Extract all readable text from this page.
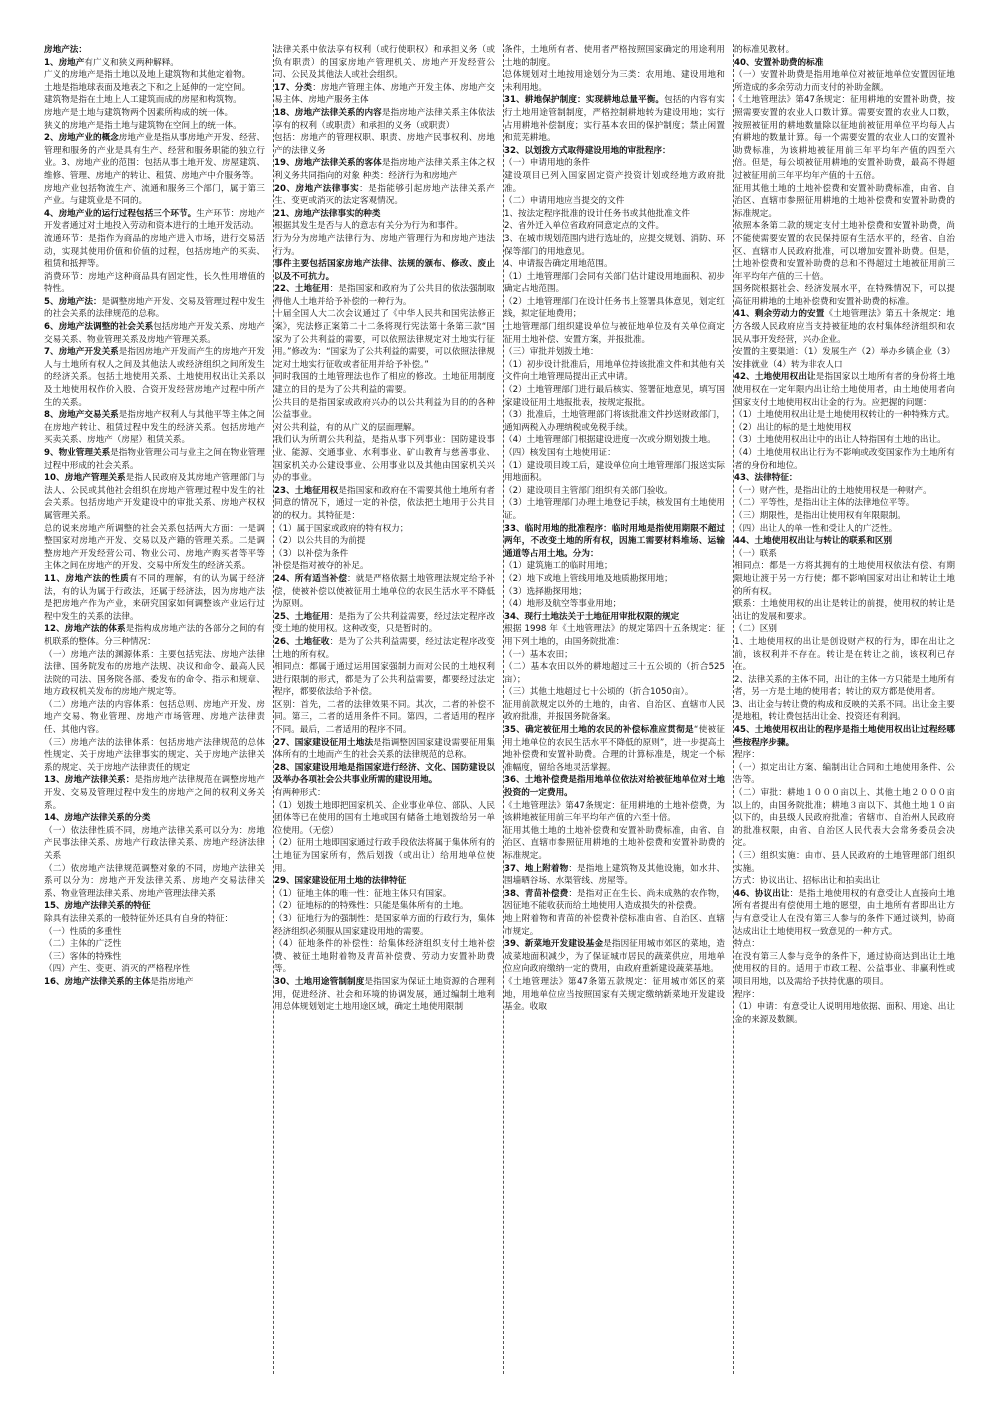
房地产法：

1、房地产有广义和狭义两种解释。

广义的房地产是指土地以及地上建筑物和其他定着物。

土地是指地球表面及地表之下和之上延伸的一定空间。

建筑物是指在土地上人工建筑而成的房屋和构筑物。

房地产是土地与建筑物两个因素所构成的统一体。

狭义的房地产是指土地与建筑物在空间上的统一体。

2、房地产业的概念房地产业是指从事房地产开发、经营、管理和服务的产业是具有生产、经营和服务职能的独立行业。3、房地产业的范围：包括从事土地开发、房屋建筑、维修、管理、房地产的转让、租赁、房地产中介服务等。

房地产业包括物流生产、流通和服务三个部门，属于第三产业。与建筑业是不同的。

4、房地产业的运行过程包括三个环节。生产环节：房地产开发者通过对土地投入劳动和资本进行的土地开发活动。

流通环节：是指作为商品的房地产进入市场，进行交易活动，实现其使用价值和价值的过程，包括房地产的买卖、租赁和抵押等。

消费环节：房地产这种商品具有固定性，长久性用增值的特性。

5、房地产法：是调整房地产开发、交易及管理过程中发生的社会关系的法律规范的总称。

6、房地产法调整的社会关系包括房地产开发关系、房地产交易关系、物业管理关系及房地产管理关系。

7、房地产开发关系是指因房地产开发而产生的房地产开发人与土地所有权人之间及其他法人或经济组织之间所发生的经济关系。包括土地使用关系、土地使用权出让关系以及土地使用权作价入股、合资开发经营房地产过程中所产生的关系。

8、房地产交易关系是指房地产权利人与其他平等主体之间在房地产转让、租赁过程中发生的经济关系。包括房地产买卖关系、房地产（房屋）租赁关系。

9、物业管理关系是指物业管理公司与业主之间在物业管理过程中形成的社会关系。

10、房地产管理关系是指人民政府及其房地产管理部门与法人、公民或其他社会组织在房地产管理过程中发生的社会关系。包括房地产开发建设中的审批关系、房地产权权属管理关系。

总的说来房地产所调整的社会关系包括两大方面：一是调整国家对房地产开发、交易以及产籍的管理关系。二是调整房地产开发经营公司、物业公司、房地产购买者等平等主体之间在房地产的开发、交易中所发生的经济关系。

11、房地产法的性质有不同的理解，有的认为属于经济法，有的认为属于行政法，还属于经济法，因为房地产法是把房地产作为产业，来研究国家如何调整该产业运行过程中发生的关系的法律。

12、房地产法的体系是指构成房地产法的各部分之间的有机联系的整体。分三种情况：

（一）房地产法的渊源体系：主要包括宪法、房地产法律法律、国务院发布的房地产法规、决议和命令、最高人民法院的司法、国务院各部、委发布的命令、指示和规章、地方政权机关发布的房地产规定等。

（二）房地产法的内容体系：包括总则、房地产开发、房地产交易、物业管理、房地产市场管理、房地产法律责任、其他内容。

（三）房地产法的法律体系：包括房地产法律规范的总体性规定、关于房地产法律事实的规定、关于房地产法律关系的规定、关于房地产法律责任的规定

13、房地产法律关系：是指房地产法律规范在调整房地产开发、交易及管理过程中发生的房地产之间的权利义务关系。

14、房地产法律关系的分类

（一）依法律性质不同，房地产法律关系可以分为：房地产民事法律关系、房地产行政法律关系、房地产经济法律关系

（二）依房地产法律规范调整对象的不同，房地产法律关系可以分为：房地产开发法律关系、房地产交易法律关系、物业管理法律关系、房地产管理法律关系

15、房地产法律关系的特征

除具有法律关系的一般特征外还具有自身的特征：

（一）性质的多重性

（二）主体的广泛性

（三）客体的特殊性

（四）产生、变更、消灭的严格程序性

16、房地产法律关系的主体是指房地产

法律关系中依法享有权利（或行使职权）和承担义务（或负有职责）的国家房地产管理机关、房地产开发经营公司、公民及其他法人或社会组织。

17、分类：房地产管理主体、房地产开发主体、房地产交易主体、房地产服务主体

18、房地产法律关系的内容是指房地产法律关系主体依法享有的权利（或职责）和承担的义务（或职责）

包括：房地产的管理权职、职责、房地产民事权利、房地产的法律义务

19、房地产法律关系的客体是指房地产法律关系主体之权利义务共同指向的对象 种类：经济行为和房地产

20、房地产法律事实：是指能够引起房地产法律关系产生、变更或消灭的法定客观情况。

21、房地产法律事实的种类

根据其发生是否与人的意志有关分为行为和事件。

行为分为房地产法律行为、房地产管理行为和房地产违法行为。

事件主要包括国家房地产法律、法规的颁布、修改、废止以及不可抗力。

22、土地征用：是指国家和政府为了公共目的依法强制取得他人土地并给予补偿的一种行为。

十届全国人大二次会议通过了《中华人民共和国宪法修正案》，宪法修正案第二十二条将现行宪法第十条第三款“国家为了公共利益的需要，可以依照法律规定对土地实行征用。”修改为：“国家为了公共利益的需要，可以依照法律规定对土地实行征收或者征用并给予补偿。”

同时我国的土地管理法也作了相应的修改。土地征用制度建立的目的是为了公共利益的需要。

公共目的是指国家或政府兴办的以公共利益为目的的各种公益事业。

对公共利益，有的从广义的层面理解。

我们认为所谓公共利益，是指从事下列事业：国防建设事业、能源、交通事业、水利事业、矿山教育与慈善事业、国家机关办公建设事业、公用事业以及其他由国家机关兴办的事业。

23、土地征用权是指国家和政府在不需要其他土地所有者同意的情况下，通过一定的补偿，依法把土地用于公共目的的权力。其特征是：

（1）属于国家或政府的特有权力；

（2）以公共目的为前提

（3）以补偿为条件

补偿是指对被夺的补足。

24、所有适当补偿：就是严格依据土地管理法规定给予补偿，使被补偿以使被征用土地单位的农民生活水平不降低为原则。

25、土地征用：是指为了公共利益需要，经过法定程序改变土地的使用权。这种改变，只是暂时的。

26、土地征收：是为了公共利益需要，经过法定程序改变土地的所有权。

相同点：都属于通过运用国家强制力而对公民的土地权利进行限制的形式，都是为了公共利益需要，都要经过法定程序，都要依法给予补偿。

区别：首先，二者的法律效果不同。其次，二者的补偿不同。第三，二者的适用条件不同。第四，二者适用的程序不同。最后，二者适用的程序不同。

27、国家建设征用土地法是指调整因国家建设需要征用集体所有的土地而产生的社会关系的法律规范的总称。

28、国家建设用地是指国家进行经济、文化、国防建设以及举办各项社会公共事业所需的建设用地。

有两种形式：

（1）划拨土地即把国家机关、企业事业单位、部队、人民团体等已在使用的国有土地或国有储备土地划拨给另一单位使用。（无偿）

（2）征用土地即国家通过行政手段依法将属于集体所有的土地征为国家所有，然后划拨（或出让）给用地单位使用。

29、国家建设征用土地的法律特征

（1）征地主体的唯一性：征地主体只有国家。

（2）征地标的的特殊性：只能是集体所有的土地。

（3）征地行为的强制性：是国家单方面的行政行为，集体经济组织必须服从国家建设用地的需要。

（4）征地条件的补偿性：给集体经济组织支付土地补偿费、被征土地附着物及青苗补偿费、劳动力安置补助费等。

30、土地用途管制制度是指国家为保证土地资源的合理利用，促进经济、社会和环境的协调发展，通过编制土地利用总体规划划定土地用途区域，确定土地使用限制

条件，土地所有者、使用者严格按照国家确定的用途利用土地的制度。

总体规划对土地按用途划分为三类：农用地、建设用地和未利用地。

31、耕地保护制度：实现耕地总量平衡。包括的内容有实行土地用途管制制度，严格控制耕地转为建设用地；实行占用耕地补偿制度；实行基本农田的保护制度；禁止闲置和荒芜耕地。

32、以划拨方式取得建设用地的审批程序：

（一）申请用地的条件

建设项目已列入国家固定资产投资计划或经地方政府批准。

（二）申请用地应当提交的文件

1、按法定程序批准的设计任务书或其他批准文件

2、省外迁入单位省政府同意定点的文件。

3、在城市规划范围内进行选址的，应提交规划、消防、环保等部门的用地意见。

4、申请报告确定用地范围。

（1）土地管理部门会同有关部门估计建设用地面积、初步确定占地范围。

（2）土地管理部门在设计任务书上签署具体意见，划定红线，拟定征地费用；

土地管理部门组织建设单位与被征地单位及有关单位商定征用土地补偿、安置方案，并报批准。

（三）审批并划拨土地：

（1）初步设计批准后，用地单位持该批准文件和其他有关文件向土地管理局提出正式申请。

（2）土地管理部门进行最后核实、签署征地意见，填写国家建设征用土地报批表，按规定报批。

（3）批准后，土地管理部门将该批准文件抄送财政部门，通知两税入办理纳税或免税手续。

（4）土地管理部门根据建设进度一次或分期划拨土地。

（四）核发国有土地使用证：

（1）建设项目竣工后，建设单位向土地管理部门报送实际用地面积。

（2）建设项目主管部门组织有关部门验收。

（3）土地管理部门办理土地登记手续，核发国有土地使用证。

33、临时用地的批准程序：临时用地是指使用期限不超过两年，不改变土地的所有权，因施工需要材料堆场、运输通道等占用土地。分为：

（1）建筑施工的临时用地；

（2）地下或地上管线用地及地质勘探用地；

（3）选择勘探用地；

（4）地形及航空等事业用地；

34、现行土地法关于土地征用审批权限的规定

根据 1998 年《土地管理法》的规定第四十五条规定：征用下列土地的，由国务院批准：

（一）基本农田；

（二）基本农田以外的耕地超过三十五公顷的（折合525亩）；

（三）其他土地超过七十公顷的（折合1050亩）。

征用前款规定以外的土地的，由省、自治区、直辖市人民政府批准，并报国务院备案。

35、确定被征用土地的农民的补偿标准应贯彻是“使被征用土地单位的农民生活水平不降低的原则”，进一步提高土地补偿费和安置补助费。合理的计算标准是，规定一个标准幅度，留给各地灵活掌握。

36、土地补偿费是指用地单位依法对给被征地单位对土地投资的一定费用。

《土地管理法》第47条规定：征用耕地的土地补偿费，为该耕地被征用前三年平均年产值的六至十倍。

征用其他土地的土地补偿费和安置补助费标准，由省、自治区、直辖市参照征用耕地的土地补偿费和安置补助费的标准规定。

37、地上附着物：是指地上建筑物及其他设施，如水井、围墙晒谷场、水渠管线、房屋等。

38、青苗补偿费：是指对正在生长、尚未成熟的农作物，因征地不能收获而给土地使用人造成损失的补偿费。

地上附着物和青苗的补偿费补偿标准由省、自治区、直辖市规定。

39、新菜地开发建设基金是指因征用城市郊区的菜地，造成菜地面积减少，为了保证城市居民的蔬菜供应，用地单位应向政府缴纳一定的费用，由政府重新建设蔬菜基地。

《土地管理法》第47条第五款规定：征用城市郊区的菜地，用地单位应当按照国家有关规定缴纳新菜地开发建设基金。收取

的标准见教材。

40、安置补助费的标准

（一）安置补助费是指用地单位对被征地单位安置因征地所造成的多余劳动力而支付的补助金额。

《土地管理法》第47条规定：征用耕地的安置补助费，按照需要安置的农业人口数计算。需要安置的农业人口数，按照被征用的耕地数量除以征地前被征用单位平均每人占有耕地的数量计算。每一个需要安置的农业人口的安置补助费标准，为该耕地被征用前三年平均年产值的四至六倍。但是，每公顷被征用耕地的安置补助费，最高不得超过被征用前三年平均年产值的十五倍。

征用其他土地的土地补偿费和安置补助费标准，由省、自治区、直辖市参照征用耕地的土地补偿费和安置补助费的标准规定。

依照本条第二款的规定支付土地补偿费和安置补助费，尚不能使需要安置的农民保持原有生活水平的，经省、自治区、直辖市人民政府批准，可以增加安置补助费。但是，土地补偿费和安置补助费的总和不得超过土地被征用前三年平均年产值的三十倍。

国务院根据社会、经济发展水平，在特殊情况下，可以提高征用耕地的土地补偿费和安置补助费的标准。

41、剩余劳动力的安置《土地管理法》第五十条规定：地方各级人民政府应当支持被征地的农村集体经济组织和农民从事开发经营，兴办企业。

安置的主要渠道：（1）发展生产（2）举办乡镇企业（3）安排就业（4）转为非农人口

42、土地使用权出让是指国家以土地所有者的身份将土地使用权在一定年限内出让给土地使用者，由土地使用者向国家支付土地使用权出让金的行为。应把握的问题：

（1）土地使用权出让是土地使用权转让的一种特殊方式。

（2）出让的标的是土地使用权

（3）土地使用权出让中的出让人特指国有土地的出让。

（4）土地使用权出让行为不影响或改变国家作为土地所有者的身份和地位。

43、法律特征：

（一）财产性，是指出让的土地使用权是一种财产。

（二）平等性，是指出让主体的法律地位平等。

（三）期限性，是指出让使用权有年限限制。

（四）出让人的单一性和受让人的广泛性。

44、土地使用权出让与转让的联系和区别

（一）联系

相同点：都是一方将其拥有的土地使用权依法有偿、有期限地让渡于另一方行使；都不影响国家对出让和转让土地的所有权。

联系：土地使用权的出让是转让的前提，使用权的转让是出让的发展和要求。

（二）区别

1、土地使用权的出让是创设财产权的行为，即在出让之前，该权利并不存在。转让是在转让之前，该权利已存在。

2、法律关系的主体不同，出让的主体一方只能是土地所有者，另一方是土地的使用者；转让的双方都是使用者。

3、出让金与转让费的构成和反映的关系不同。出让金主要是地租，转让费包括出让金、投资还有利润。

45、土地使用权出让的程序是指土地使用权出让过程经哪些按程序步骤。

程序：

（一）拟定出让方案、编制出让合同和土地使用条件、公告等。

（二）审批：耕地１０００亩以上、其他土地２０００亩以上的，由国务院批准；耕地３亩以下、其他土地１０亩以下的，由县级人民政府批准；省辖市、自治州人民政府的批准权限，由省、自治区人民代表大会常务委员会决定。

（三）组织实施：由市、县人民政府的土地管理部门组织实施。

方式：协议出让、招标出让和拍卖出让

46、协议出让：是指土地使用权的有意受让人直接向土地所有者提出有偿使用土地的愿望，由土地所有者即出让方与有意受让人在没有第三人参与的条件下通过谈判，协商达成出让土地使用权一致意见的一种方式。

特点：

在没有第三人参与竞争的条件下，通过协商达到出让土地使用权的目的。适用于市政工程、公益事业、非赢利性或项目用地，以及需给予扶持优惠的项目。

程序：

（1）申请：有意受让人说明用地依据、面积、用途、出让金的来源及数额。
